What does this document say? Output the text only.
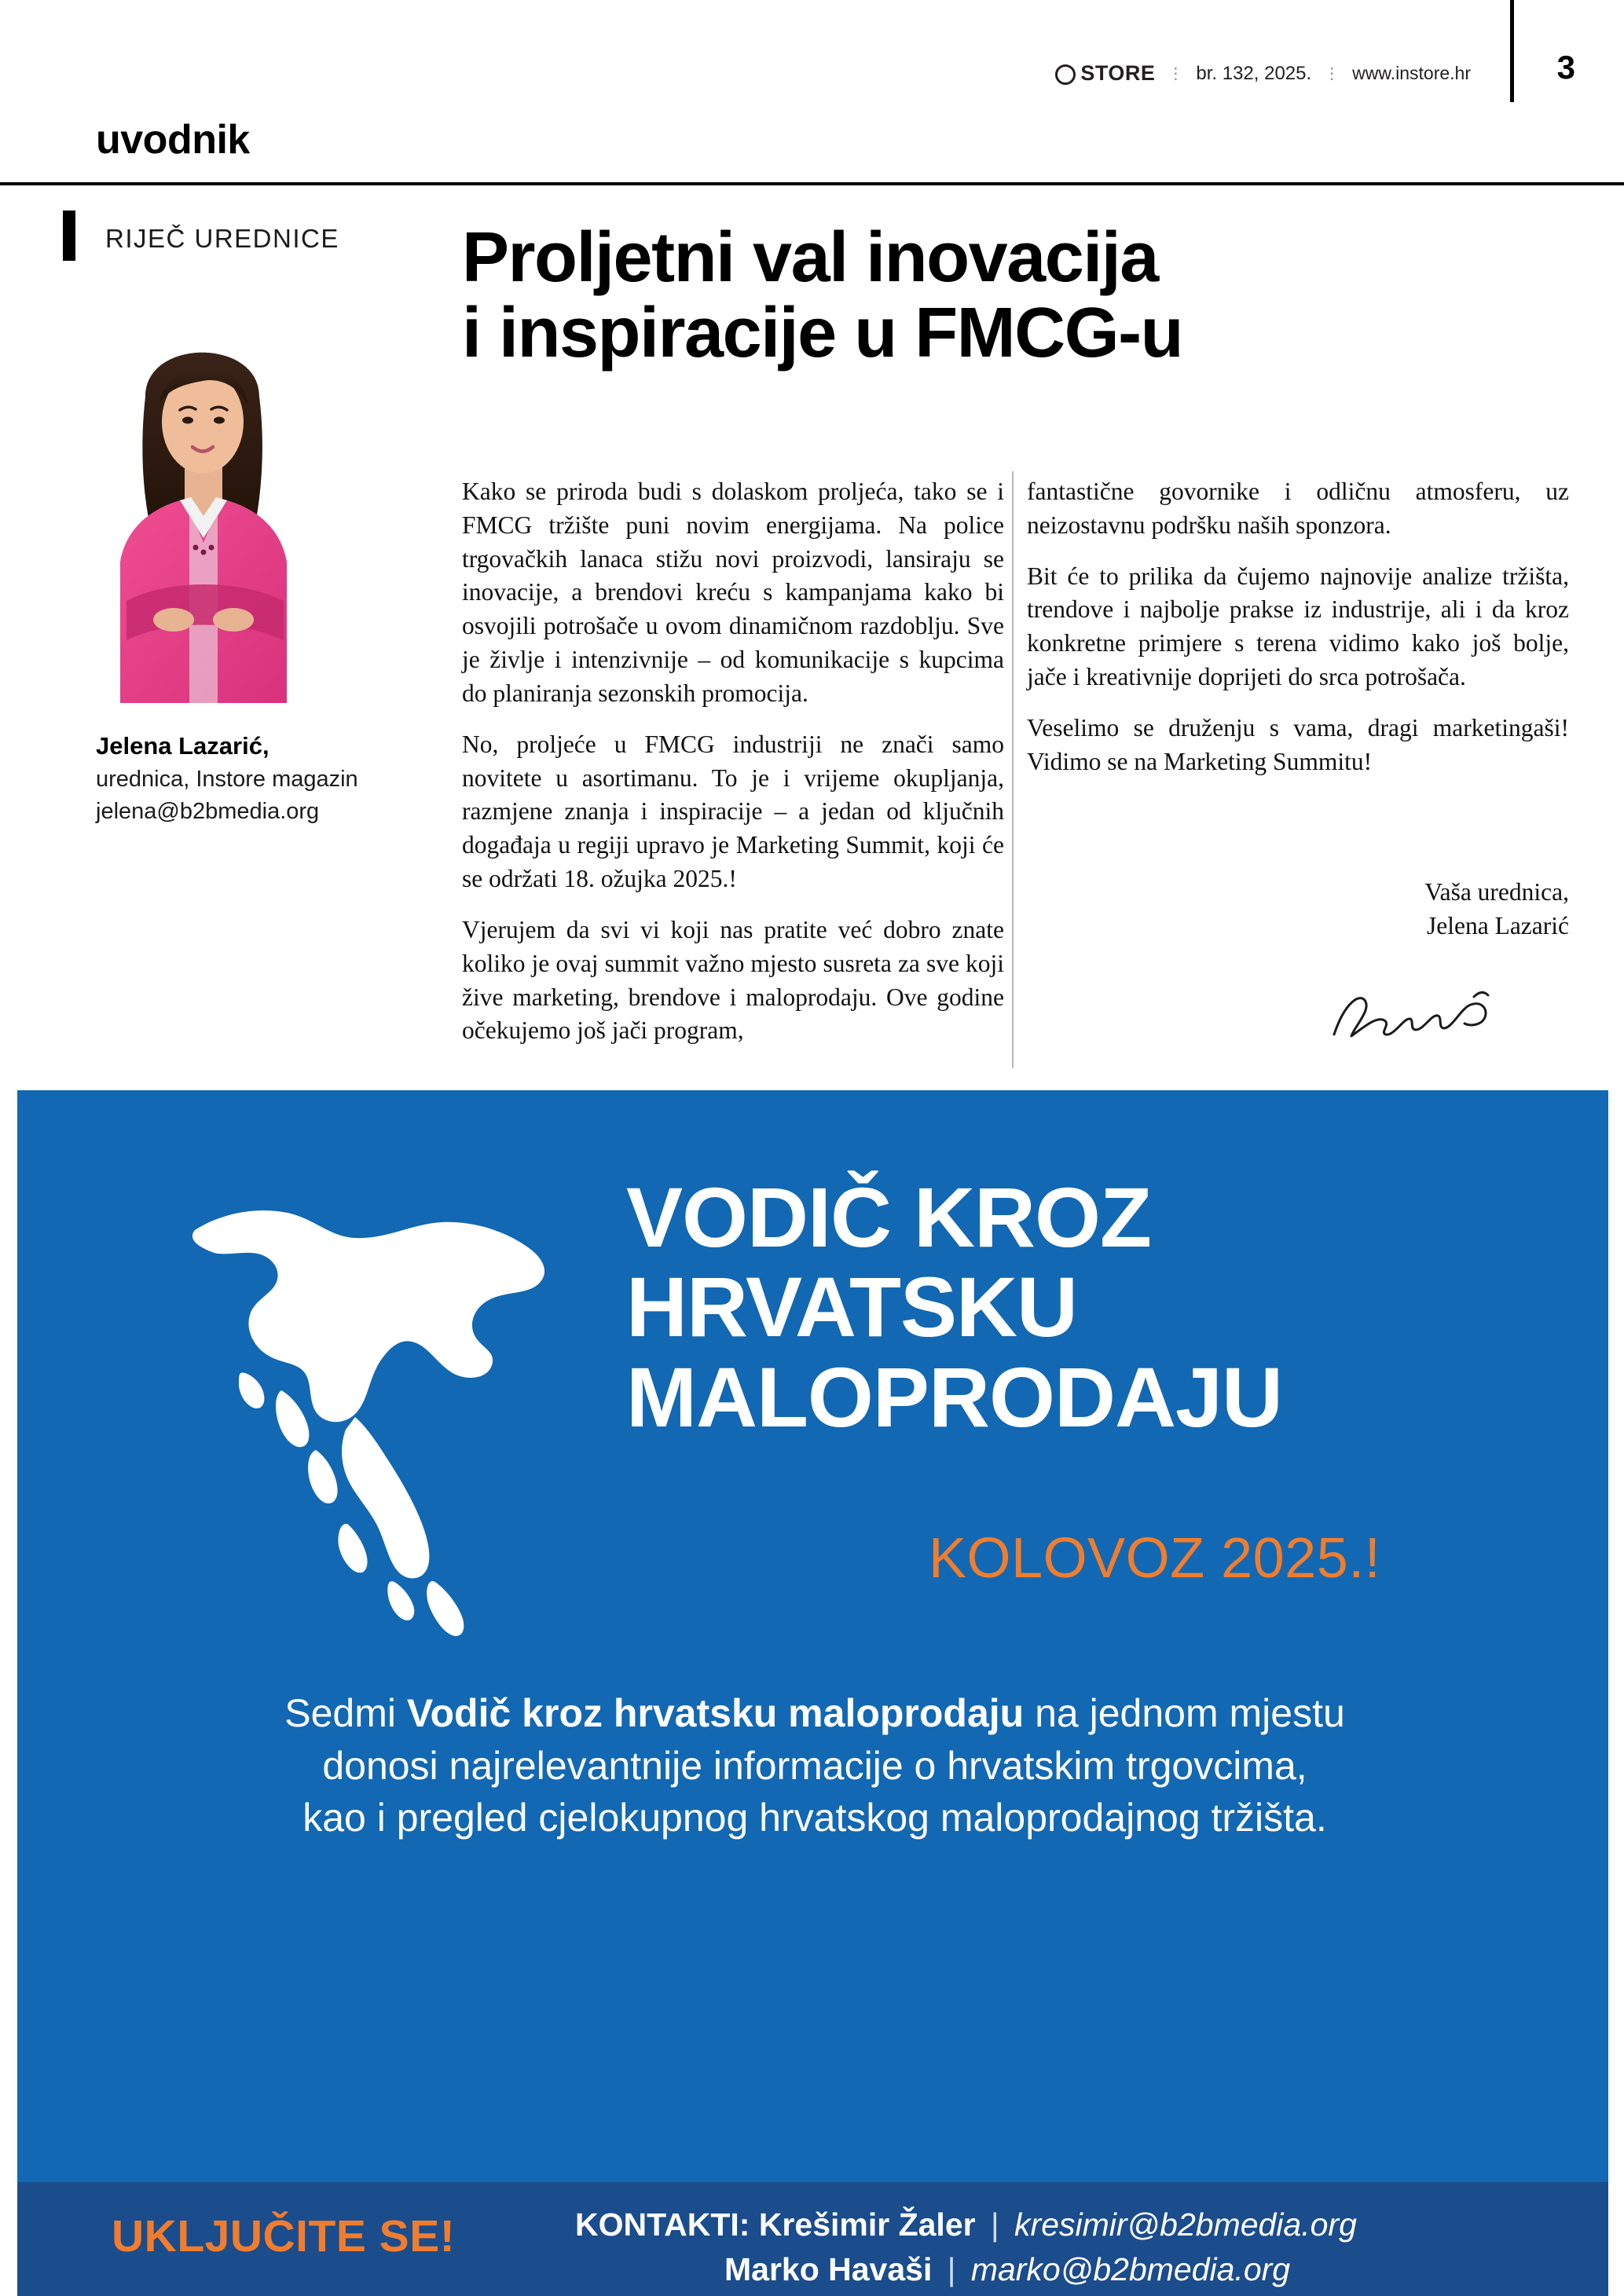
STORE ⋮ br. 132, 2025. ⋮ www.instore.hr	3
uvodnik
RIJEČ UREDNICE
Jelena Lazarić,
urednica, Instore magazin
jelena@b2bmedia.org
Proljetni val inovacija
i inspiracije u FMCG-u

Kako se priroda budi s dolaskom proljeća, tako se i FMCG tržište puni novim energijama. Na police trgovačkih lanaca stižu novi proizvodi, lansiraju se inovacije, a brendovi kreću s kampanjama kako bi osvojili potrošače u ovom dinamičnom razdoblju. Sve je življe i intenzivnije – od komunikacije s kupcima do planiranja sezonskih promocija.

No, proljeće u FMCG industriji ne znači samo novitete u asortimanu. To je i vrijeme okupljanja, razmjene znanja i inspiracije – a jedan od ključnih događaja u regiji upravo je Marketing Summit, koji će se održati 18. ožujka 2025.!

Vjerujem da svi vi koji nas pratite već dobro znate koliko je ovaj summit važno mjesto susreta za sve koji žive marketing, brendove i maloprodaju. Ove godine očekujemo još jači program,

fantastične govornike i odličnu atmosferu, uz neizostavnu podršku naših sponzora.

Bit će to prilika da čujemo najnovije analize tržišta, trendove i najbolje prakse iz industrije, ali i da kroz konkretne primjere s terena vidimo kako još bolje, jače i kreativnije doprijeti do srca potrošača.

Veselimo se druženju s vama, dragi marketingaši! Vidimo se na Marketing Summitu!

Vaša urednica,
Jelena Lazarić
VODIČ KROZ
HRVATSKU
MALOPRODAJU
KOLOVOZ 2025.!
Sedmi Vodič kroz hrvatsku maloprodaju na jednom mjestu
donosi najrelevantnije informacije o hrvatskim trgovcima,
kao i pregled cjelokupnog hrvatskog maloprodajnog tržišta.
UKLJUČITE SE!	KONTAKTI: Krešimir Žaler | kresimir@b2bmedia.org
Marko Havaši | marko@b2bmedia.org
